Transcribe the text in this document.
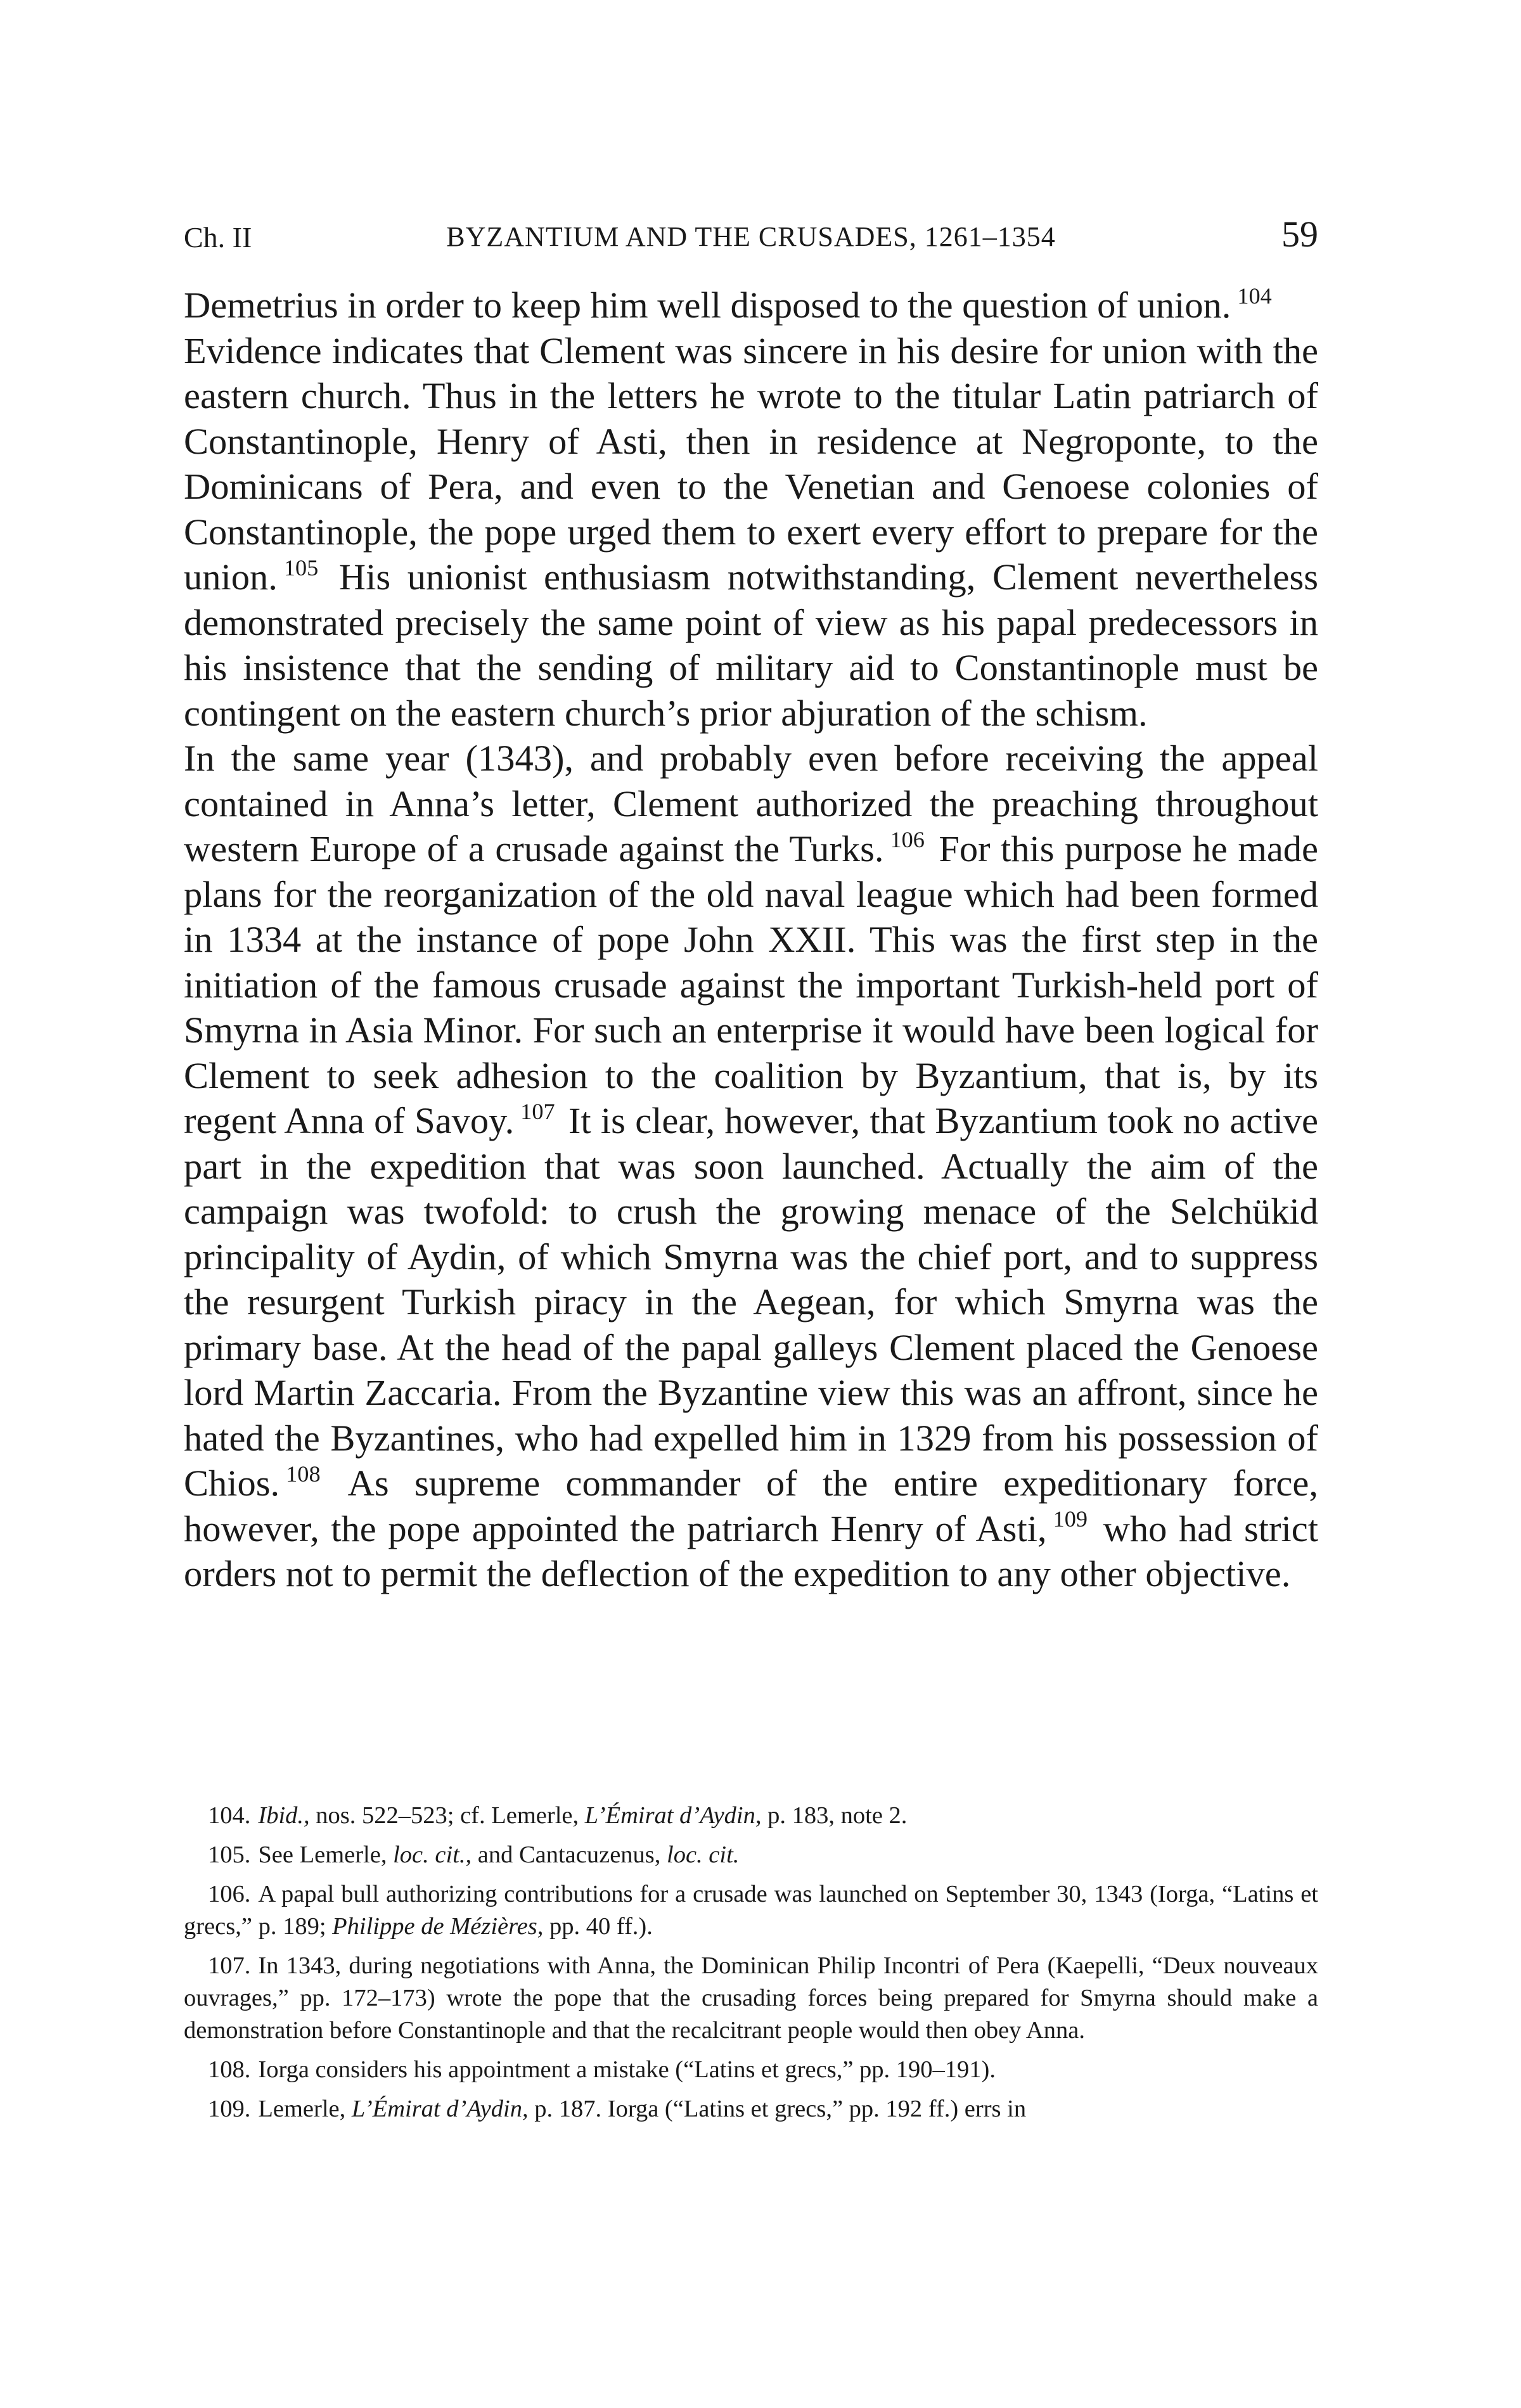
Ch. II	BYZANTIUM AND THE CRUSADES, 1261–1354	59

Demetrius in order to keep him well disposed to the question of union. $^{104}$

Evidence indicates that Clement was sincere in his desire for union with the eastern church. Thus in the letters he wrote to the titular Latin patriarch of Constantinople, Henry of Asti, then in residence at Negroponte, to the Dominicans of Pera, and even to the Venetian and Genoese colonies of Constantinople, the pope urged them to exert every effort to prepare for the union. $^{105}$ His unionist enthusiasm notwithstanding, Clement nevertheless demonstrated precisely the same point of view as his papal predecessors in his insistence that the sending of military aid to Constantinople must be contingent on the eastern church’s prior abjuration of the schism.

In the same year (1343), and probably even before receiving the appeal contained in Anna’s letter, Clement authorized the preaching throughout western Europe of a crusade against the Turks. $^{106}$ For this purpose he made plans for the reorganization of the old naval league which had been formed in 1334 at the instance of pope John XXII. This was the first step in the initiation of the famous crusade against the important Turkish-held port of Smyrna in Asia Minor. For such an enterprise it would have been logical for Clement to seek adhesion to the coalition by Byzantium, that is, by its regent Anna of Savoy. $^{107}$ It is clear, however, that Byzantium took no active part in the expedition that was soon launched. Actually the aim of the campaign was twofold: to crush the growing menace of the Selchükid principality of Aydin, of which Smyrna was the chief port, and to suppress the resurgent Turkish piracy in the Aegean, for which Smyrna was the primary base. At the head of the papal galleys Clement placed the Genoese lord Martin Zaccaria. From the Byzantine view this was an affront, since he hated the Byzantines, who had expelled him in 1329 from his possession of Chios. $^{108}$ As supreme commander of the entire expeditionary force, however, the pope appointed the patriarch Henry of Asti, $^{109}$ who had strict orders not to permit the deflection of the expedition to any other objective.

104. Ibid., nos. 522–523; cf. Lemerle, L’Émirat d’Aydin, p. 183, note 2.

105. See Lemerle, loc. cit., and Cantacuzenus, loc. cit.

106. A papal bull authorizing contributions for a crusade was launched on September 30, 1343 (Iorga, “Latins et grecs,” p. 189; Philippe de Mézières, pp. 40 ff.).

107. In 1343, during negotiations with Anna, the Dominican Philip Incontri of Pera (Kaepelli, “Deux nouveaux ouvrages,” pp. 172–173) wrote the pope that the crusading forces being prepared for Smyrna should make a demonstration before Constantinople and that the recalcitrant people would then obey Anna.

108. Iorga considers his appointment a mistake (“Latins et grecs,” pp. 190–191).

109. Lemerle, L’Émirat d’Aydin, p. 187. Iorga (“Latins et grecs,” pp. 192 ff.) errs in
